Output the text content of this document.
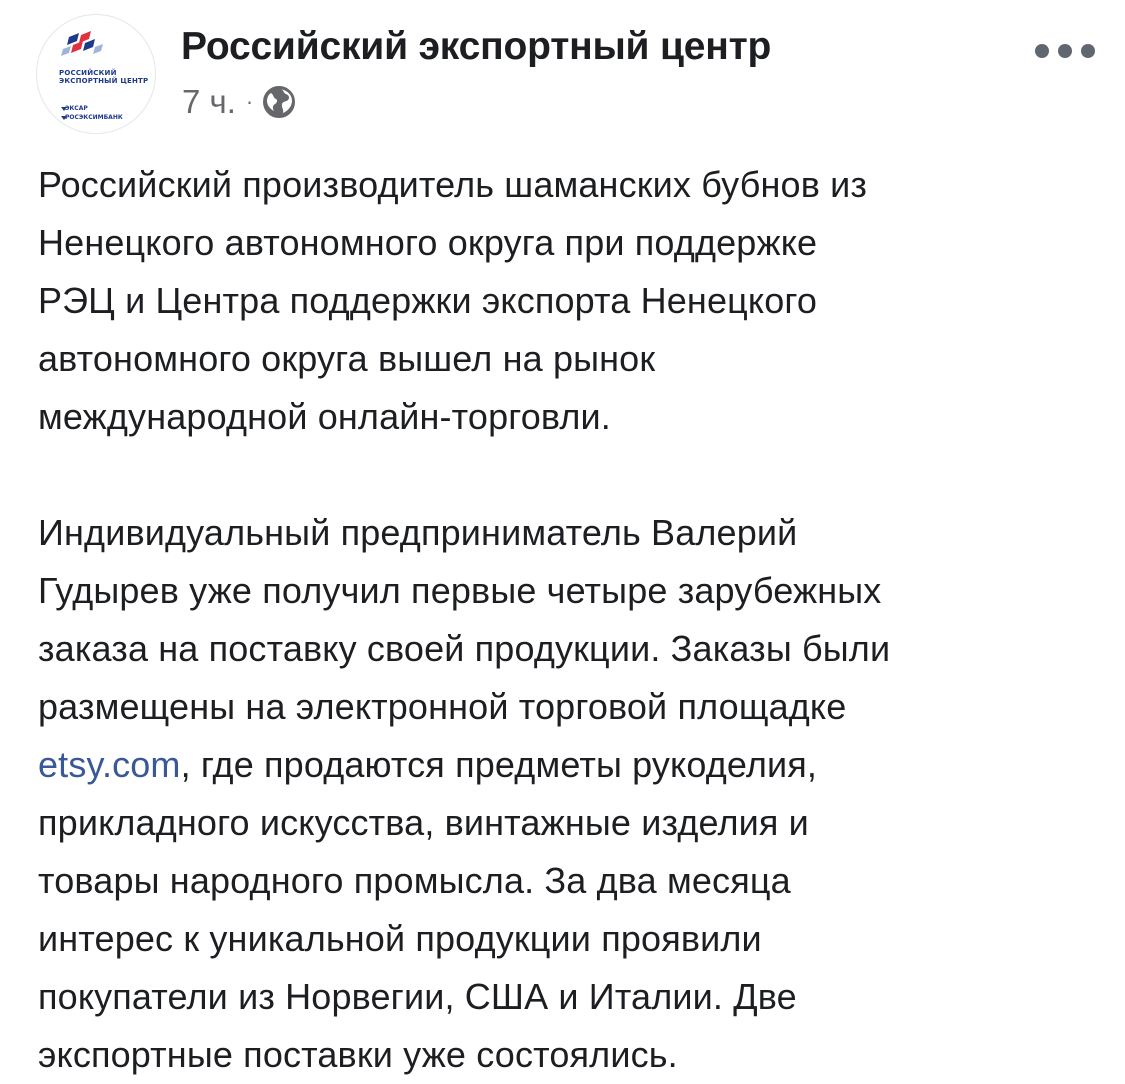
РОССИЙСКИЙ
ЭКСПОРТНЫЙ ЦЕНТР
ЭКСАР
РОСЭКСИМБАНК
Российский экспортный центр
7 ч. ·
Российский производитель шаманских бубнов из
Ненецкого автономного округа при поддержке
РЭЦ и Центра поддержки экспорта Ненецкого
автономного округа вышел на рынок
международной онлайн-торговли.
Индивидуальный предприниматель Валерий
Гудырев уже получил первые четыре зарубежных
заказа на поставку своей продукции. Заказы были
размещены на электронной торговой площадке
etsy.com, где продаются предметы рукоделия,
прикладного искусства, винтажные изделия и
товары народного промысла. За два месяца
интерес к уникальной продукции проявили
покупатели из Норвегии, США и Италии. Две
экспортные поставки уже состоялись.
